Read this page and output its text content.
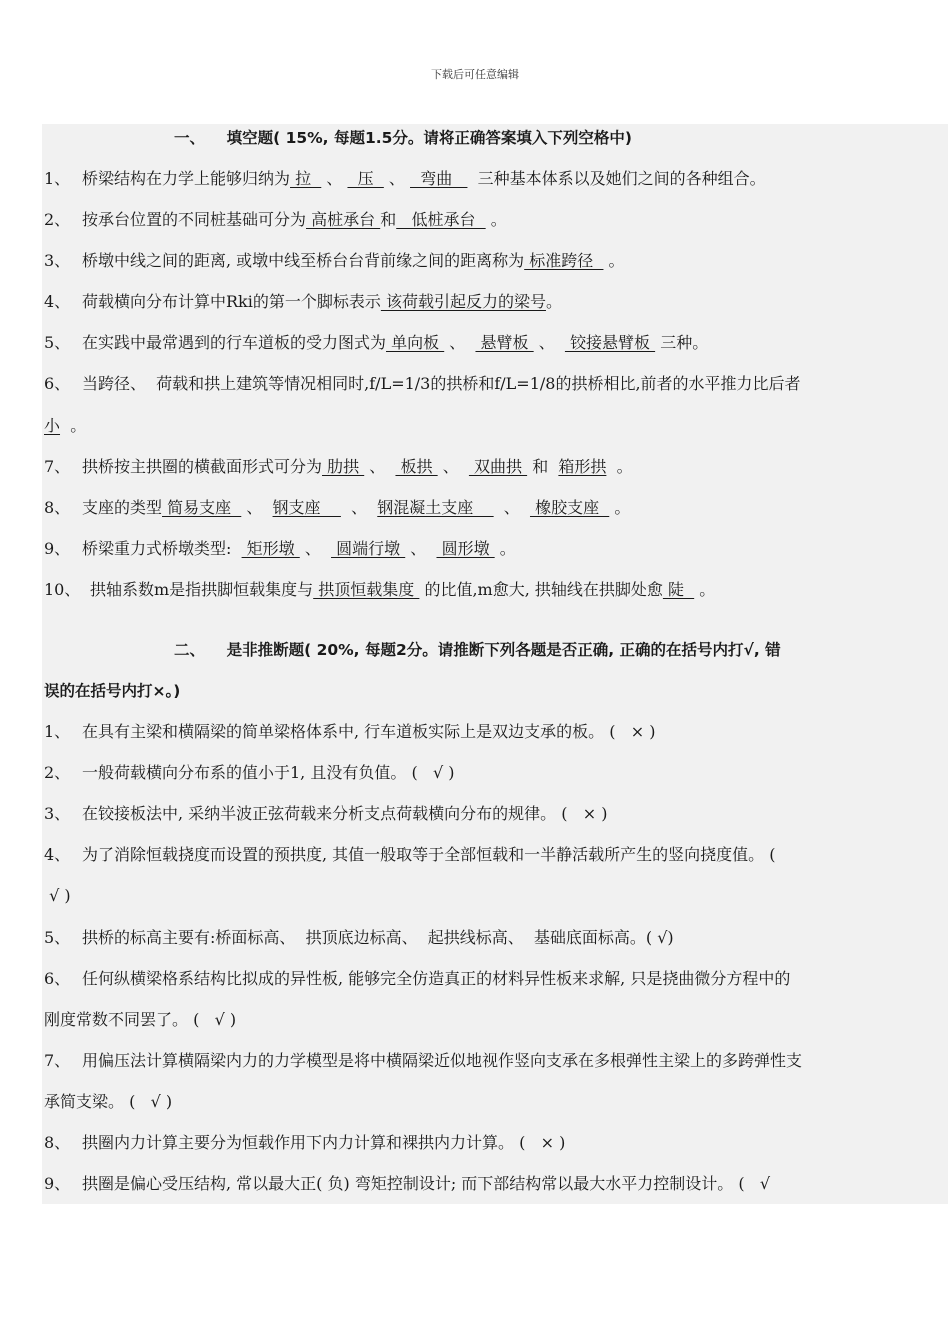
下载后可任意编辑
一、    填空题( 15%, 每题1.5分。请将正确答案填入下列空格中)
1、 桥梁结构在力学上能够归纳为 拉   、   压   、   弯曲     三种基本体系以及她们之间的各种组合。
2、 按承台位置的不同桩基础可分为 高桩承台 和   低桩承台   。
3、 桥墩中线之间的距离, 或墩中线至桥台台背前缘之间的距离称为 标准跨径   。
4、 荷载横向分布计算中Rki的第一个脚标表示 该荷载引起反力的梁号。
5、 在实践中最常遇到的行车道板的受力图式为 单向板  、   悬臂板  、   铰接悬臂板  三种。
6、 当跨径、  荷载和拱上建筑等情况相同时,f/L=1/3的拱桥和f/L=1/8的拱桥相比,前者的水平推力比后者
小  。
7、 拱桥按主拱圈的横截面形式可分为 肋拱  、   板拱  、   双曲拱  和  箱形拱  。
8、 支座的类型 简易支座   、  钢支座      、  钢混凝土支座      、   橡胶支座   。
9、 桥梁重力式桥墩类型:   矩形墩  、   圆端行墩  、   圆形墩  。
10、 拱轴系数m是指拱脚恒载集度与 拱顶恒载集度  的比值,m愈大, 拱轴线在拱脚处愈 陡   。
二、    是非推断题( 20%, 每题2分。请推断下列各题是否正确, 正确的在括号内打√, 错
误的在括号内打×。)
1、 在具有主梁和横隔梁的简单梁格体系中, 行车道板实际上是双边支承的板。 (   × )
2、 一般荷载横向分布系的值小于1, 且没有负值。 (   √ )
3、 在铰接板法中, 采纳半波正弦荷载来分析支点荷载横向分布的规律。 (   × )
4、 为了消除恒载挠度而设置的预拱度, 其值一般取等于全部恒载和一半静活载所产生的竖向挠度值。 (
√ )
5、 拱桥的标高主要有:桥面标高、  拱顶底边标高、  起拱线标高、  基础底面标高。( √)
6、 任何纵横梁格系结构比拟成的异性板, 能够完全仿造真正的材料异性板来求解, 只是挠曲微分方程中的
刚度常数不同罢了。 (   √ )
7、 用偏压法计算横隔梁内力的力学模型是将中横隔梁近似地视作竖向支承在多根弹性主梁上的多跨弹性支
承简支梁。 (   √ )
8、 拱圈内力计算主要分为恒载作用下内力计算和裸拱内力计算。 (   × )
9、 拱圈是偏心受压结构, 常以最大正( 负) 弯矩控制设计; 而下部结构常以最大水平力控制设计。 (   √
